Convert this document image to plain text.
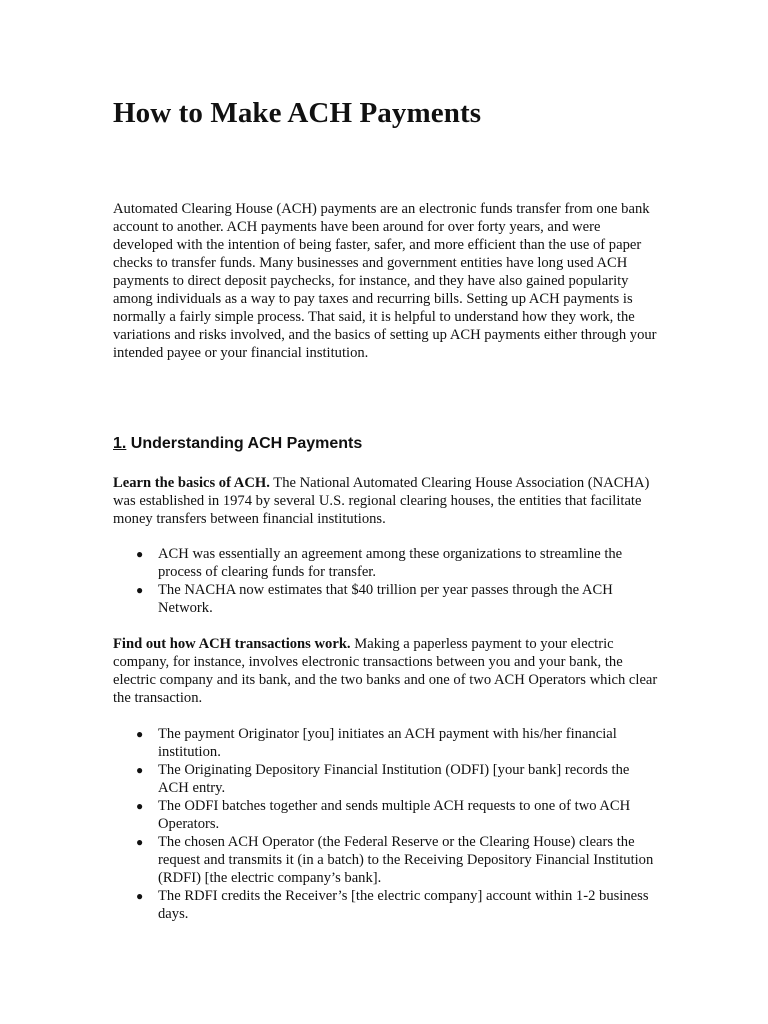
How to Make ACH Payments

Automated Clearing House (ACH) payments are an electronic funds transfer from one bank account to another. ACH payments have been around for over forty years, and were developed with the intention of being faster, safer, and more efficient than the use of paper checks to transfer funds. Many businesses and government entities have long used ACH payments to direct deposit paychecks, for instance, and they have also gained popularity among individuals as a way to pay taxes and recurring bills. Setting up ACH payments is normally a fairly simple process. That said, it is helpful to understand how they work, the variations and risks involved, and the basics of setting up ACH payments either through your intended payee or your financial institution.

1. Understanding ACH Payments

Learn the basics of ACH. The National Automated Clearing House Association (NACHA) was established in 1974 by several U.S. regional clearing houses, the entities that facilitate money transfers between financial institutions.

● ACH was essentially an agreement among these organizations to streamline the process of clearing funds for transfer.
● The NACHA now estimates that $40 trillion per year passes through the ACH Network.

Find out how ACH transactions work. Making a paperless payment to your electric company, for instance, involves electronic transactions between you and your bank, the electric company and its bank, and the two banks and one of two ACH Operators which clear the transaction.

● The payment Originator [you] initiates an ACH payment with his/her financial institution.
● The Originating Depository Financial Institution (ODFI) [your bank] records the ACH entry.
● The ODFI batches together and sends multiple ACH requests to one of two ACH Operators.
● The chosen ACH Operator (the Federal Reserve or the Clearing House) clears the request and transmits it (in a batch) to the Receiving Depository Financial Institution (RDFI) [the electric company’s bank].
● The RDFI credits the Receiver’s [the electric company] account within 1-2 business days.
